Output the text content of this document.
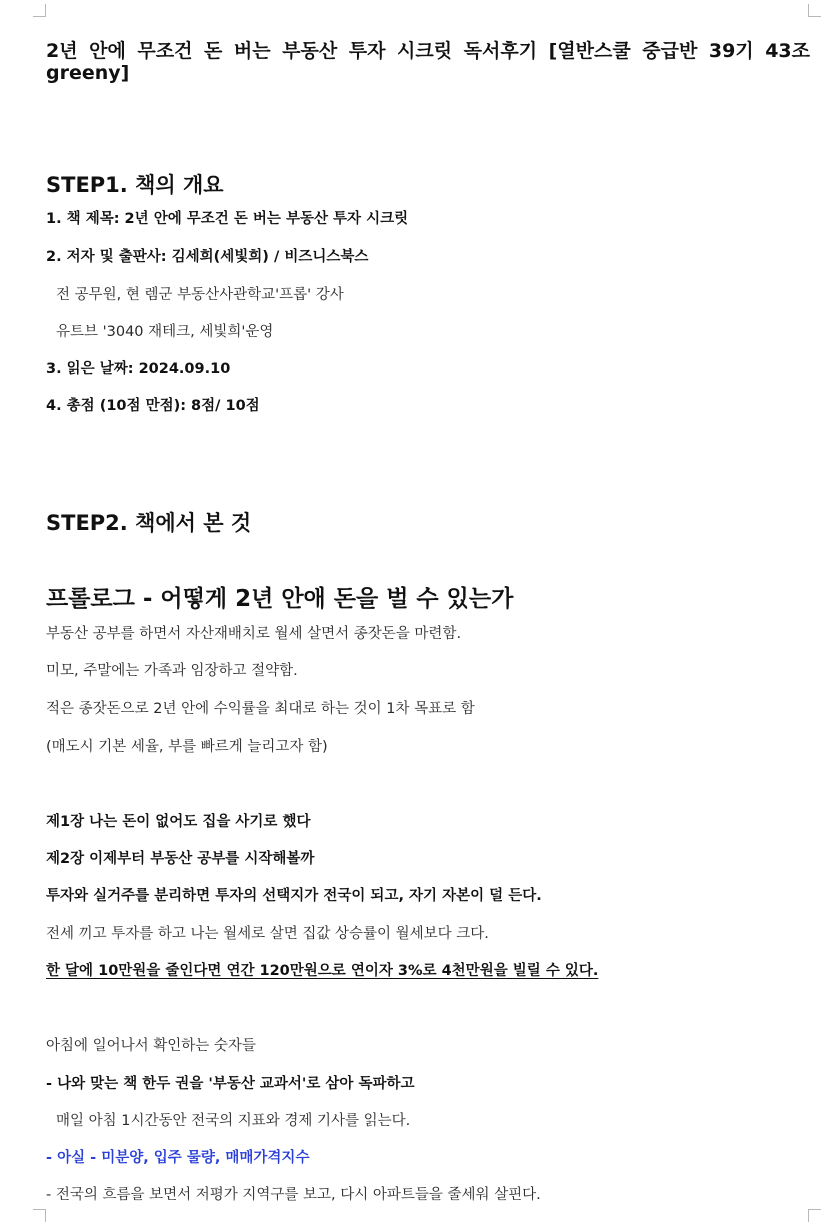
2년 안에 무조건 돈 버는 부동산 투자 시크릿 독서후기 [열반스쿨 중급반 39기 43조 greeny]
STEP1. 책의 개요

1. 책 제목: 2년 안에 무조건 돈 버는 부동산 투자 시크릿

2. 저자 및 출판사: 김세희(세빛희) / 비즈니스북스

전 공무원, 현 렘군 부동산사관학교'프롭' 강사

유트브 '3040 재테크, 세빛희'운영

3. 읽은 날짜: 2024.09.10

4. 총점 (10점 만점): 8점/ 10점

STEP2. 책에서 본 것
프롤로그 - 어떻게 2년 안애 돈을 벌 수 있는가

부동산 공부를 하면서 자산재배치로 월세 살면서 종잣돈을 마련함.

미모, 주말에는 가족과 임장하고 절약함.

적은 종잣돈으로 2년 안에 수익률을 최대로 하는 것이 1차 목표로 함

(매도시 기본 세율, 부를 빠르게 늘리고자 함)

제1장 나는 돈이 없어도 집을 사기로 했다

제2장 이제부터 부동산 공부를 시작해볼까

투자와 실거주를 분리하면 투자의 선택지가 전국이 되고, 자기 자본이 덜 든다.

전세 끼고 투자를 하고 나는 월세로 살면 집값 상승률이 월세보다 크다.

한 달에 10만원을 줄인다면 연간 120만원으로 연이자 3%로 4천만원을 빌릴 수 있다.

아침에 일어나서 확인하는 숫자들

- 나와 맞는 책 한두 권을 '부동산 교과서'로 삼아 독파하고

매일 아침 1시간동안 전국의 지표와 경제 기사를 읽는다.

- 아실 - 미분양, 입주 물량, 매매가격지수

- 전국의 흐름을 보면서 저평가 지역구를 보고, 다시 아파트들을 줄세워 살핀다.
